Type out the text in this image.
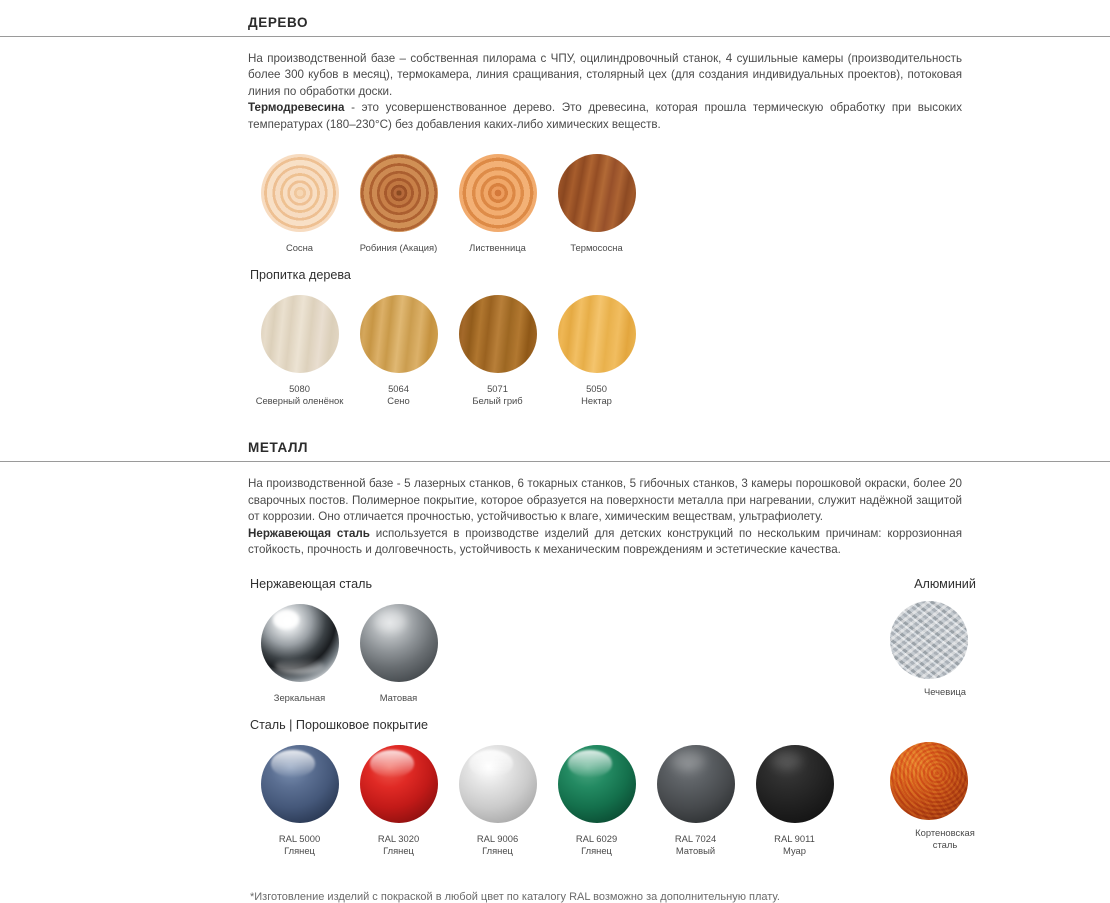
ДЕРЕВО
На производственной базе – собственная пилорама с ЧПУ, оцилиндровочный станок, 4 сушильные камеры (производительность более 300 кубов в месяц), термокамера, линия сращивания, столярный цех (для создания индивидуальных проектов), потоковая линия по обработки доски.
Термодревесина - это усовершенствованное дерево. Это древесина, которая прошла термическую обработку при высоких температурах (180–230°С) без добавления каких-либо химических веществ.
Сосна	Робиния (Акация)	Лиственница	Термососна
Пропитка дерева
5080
Северный оленёнок
5064
Сено
5071
Белый гриб
5050
Нектар
МЕТАЛЛ
На производственной базе - 5 лазерных станков, 6 токарных станков, 5 гибочных станков, 3 камеры порошковой окраски, более 20 сварочных постов. Полимерное покрытие, которое образуется на поверхности металла при нагревании, служит надёжной защитой от коррозии. Оно отличается прочностью, устойчивостью к влаге, химическим веществам, ультрафиолету.
Нержавеющая сталь используется в производстве изделий для детских конструкций по нескольким причинам: коррозионная стойкость, прочность и долговечность, устойчивость к механическим повреждениям и эстетические качества.
Нержавеющая сталь	Алюминий
Зеркальная	Матовая
Чечевица
Сталь | Порошковое покрытие
RAL 5000
Глянец
RAL 3020
Глянец
RAL 9006
Глянец
RAL 6029
Глянец
RAL 7024
Матовый
RAL 9011
Муар
Кортеновская
сталь
*Изготовление изделий с покраской в любой цвет по каталогу RAL возможно за дополнительную плату.
